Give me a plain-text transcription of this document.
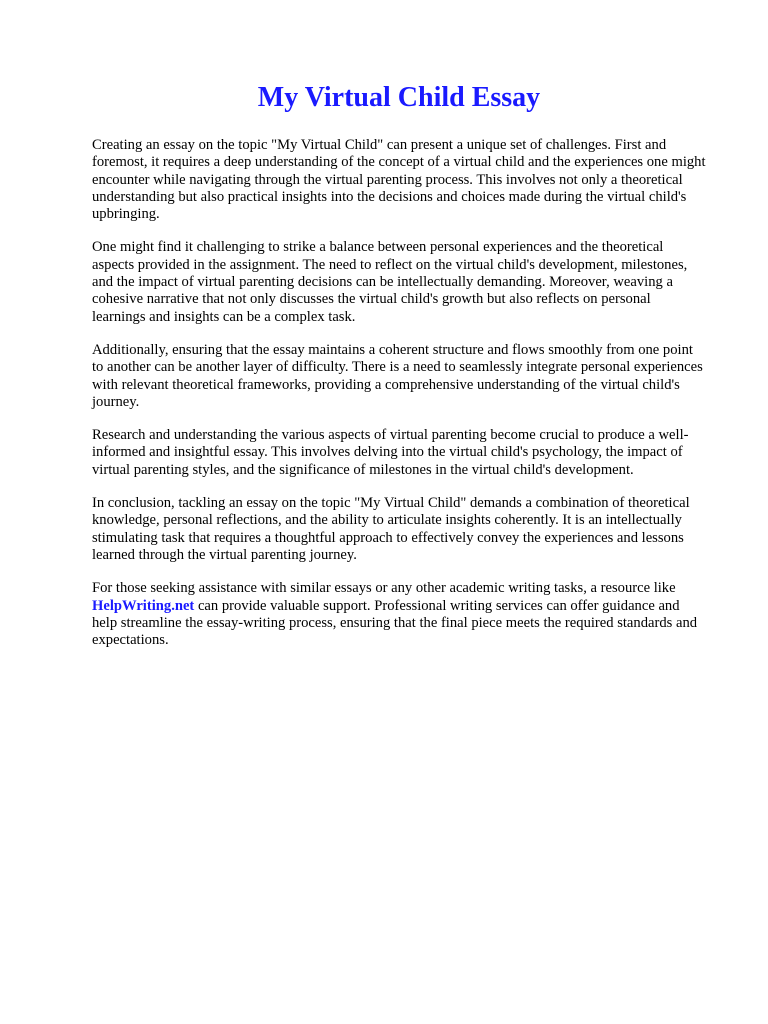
My Virtual Child Essay

Creating an essay on the topic "My Virtual Child" can present a unique set of challenges. First and foremost, it requires a deep understanding of the concept of a virtual child and the experiences one might encounter while navigating through the virtual parenting process. This involves not only a theoretical understanding but also practical insights into the decisions and choices made during the virtual child's upbringing.

One might find it challenging to strike a balance between personal experiences and the theoretical aspects provided in the assignment. The need to reflect on the virtual child's development, milestones, and the impact of virtual parenting decisions can be intellectually demanding. Moreover, weaving a cohesive narrative that not only discusses the virtual child's growth but also reflects on personal learnings and insights can be a complex task.

Additionally, ensuring that the essay maintains a coherent structure and flows smoothly from one point to another can be another layer of difficulty. There is a need to seamlessly integrate personal experiences with relevant theoretical frameworks, providing a comprehensive understanding of the virtual child's journey.

Research and understanding the various aspects of virtual parenting become crucial to produce a well-informed and insightful essay. This involves delving into the virtual child's psychology, the impact of virtual parenting styles, and the significance of milestones in the virtual child's development.

In conclusion, tackling an essay on the topic "My Virtual Child" demands a combination of theoretical knowledge, personal reflections, and the ability to articulate insights coherently. It is an intellectually stimulating task that requires a thoughtful approach to effectively convey the experiences and lessons learned through the virtual parenting journey.

For those seeking assistance with similar essays or any other academic writing tasks, a resource like HelpWriting.net can provide valuable support. Professional writing services can offer guidance and help streamline the essay-writing process, ensuring that the final piece meets the required standards and expectations.
